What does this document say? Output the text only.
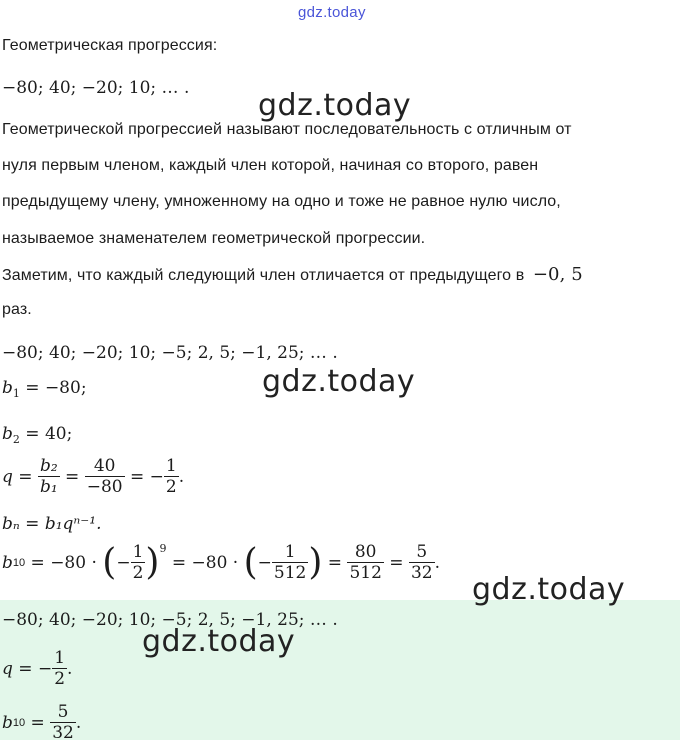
gdz.today
Геометрическая прогрессия:
−80; 40; −20; 10; … .
Геометрической прогрессией называют последовательность с отличным от
нуля первым членом, каждый член которой, начиная со второго, равен
предыдущему члену, умноженному на одно и тоже не равное нулю число,
называемое знаменателем геометрической прогрессии.
Заметим, что каждый следующий член отличается от предыдущего в −0, 5
раз.
−80; 40; −20; 10; −5; 2, 5; −1, 25; … .
$b_1 = -80$;
$b_2 = 40$;
$q = \frac{\text{b₂}}{\text{b₁}} = \frac{40}{-80}$ = − $\frac{1}{2}$ .
bₙ = b₁qⁿ⁻¹.
b 10 = −80 · ( − $\frac{1}{2}$ ) 9
= −80 · ( − $\frac{1}{512}$ ) = $\frac{80}{512} = \frac{5}{32}$ .
−80; 40; −20; 10; −5; 2, 5; −1, 25; … .
q = − $\frac{1}{2}$ .
b $10 = \frac{5}{32}$ .
gdz.today
gdz.today
gdz.today
gdz.today
